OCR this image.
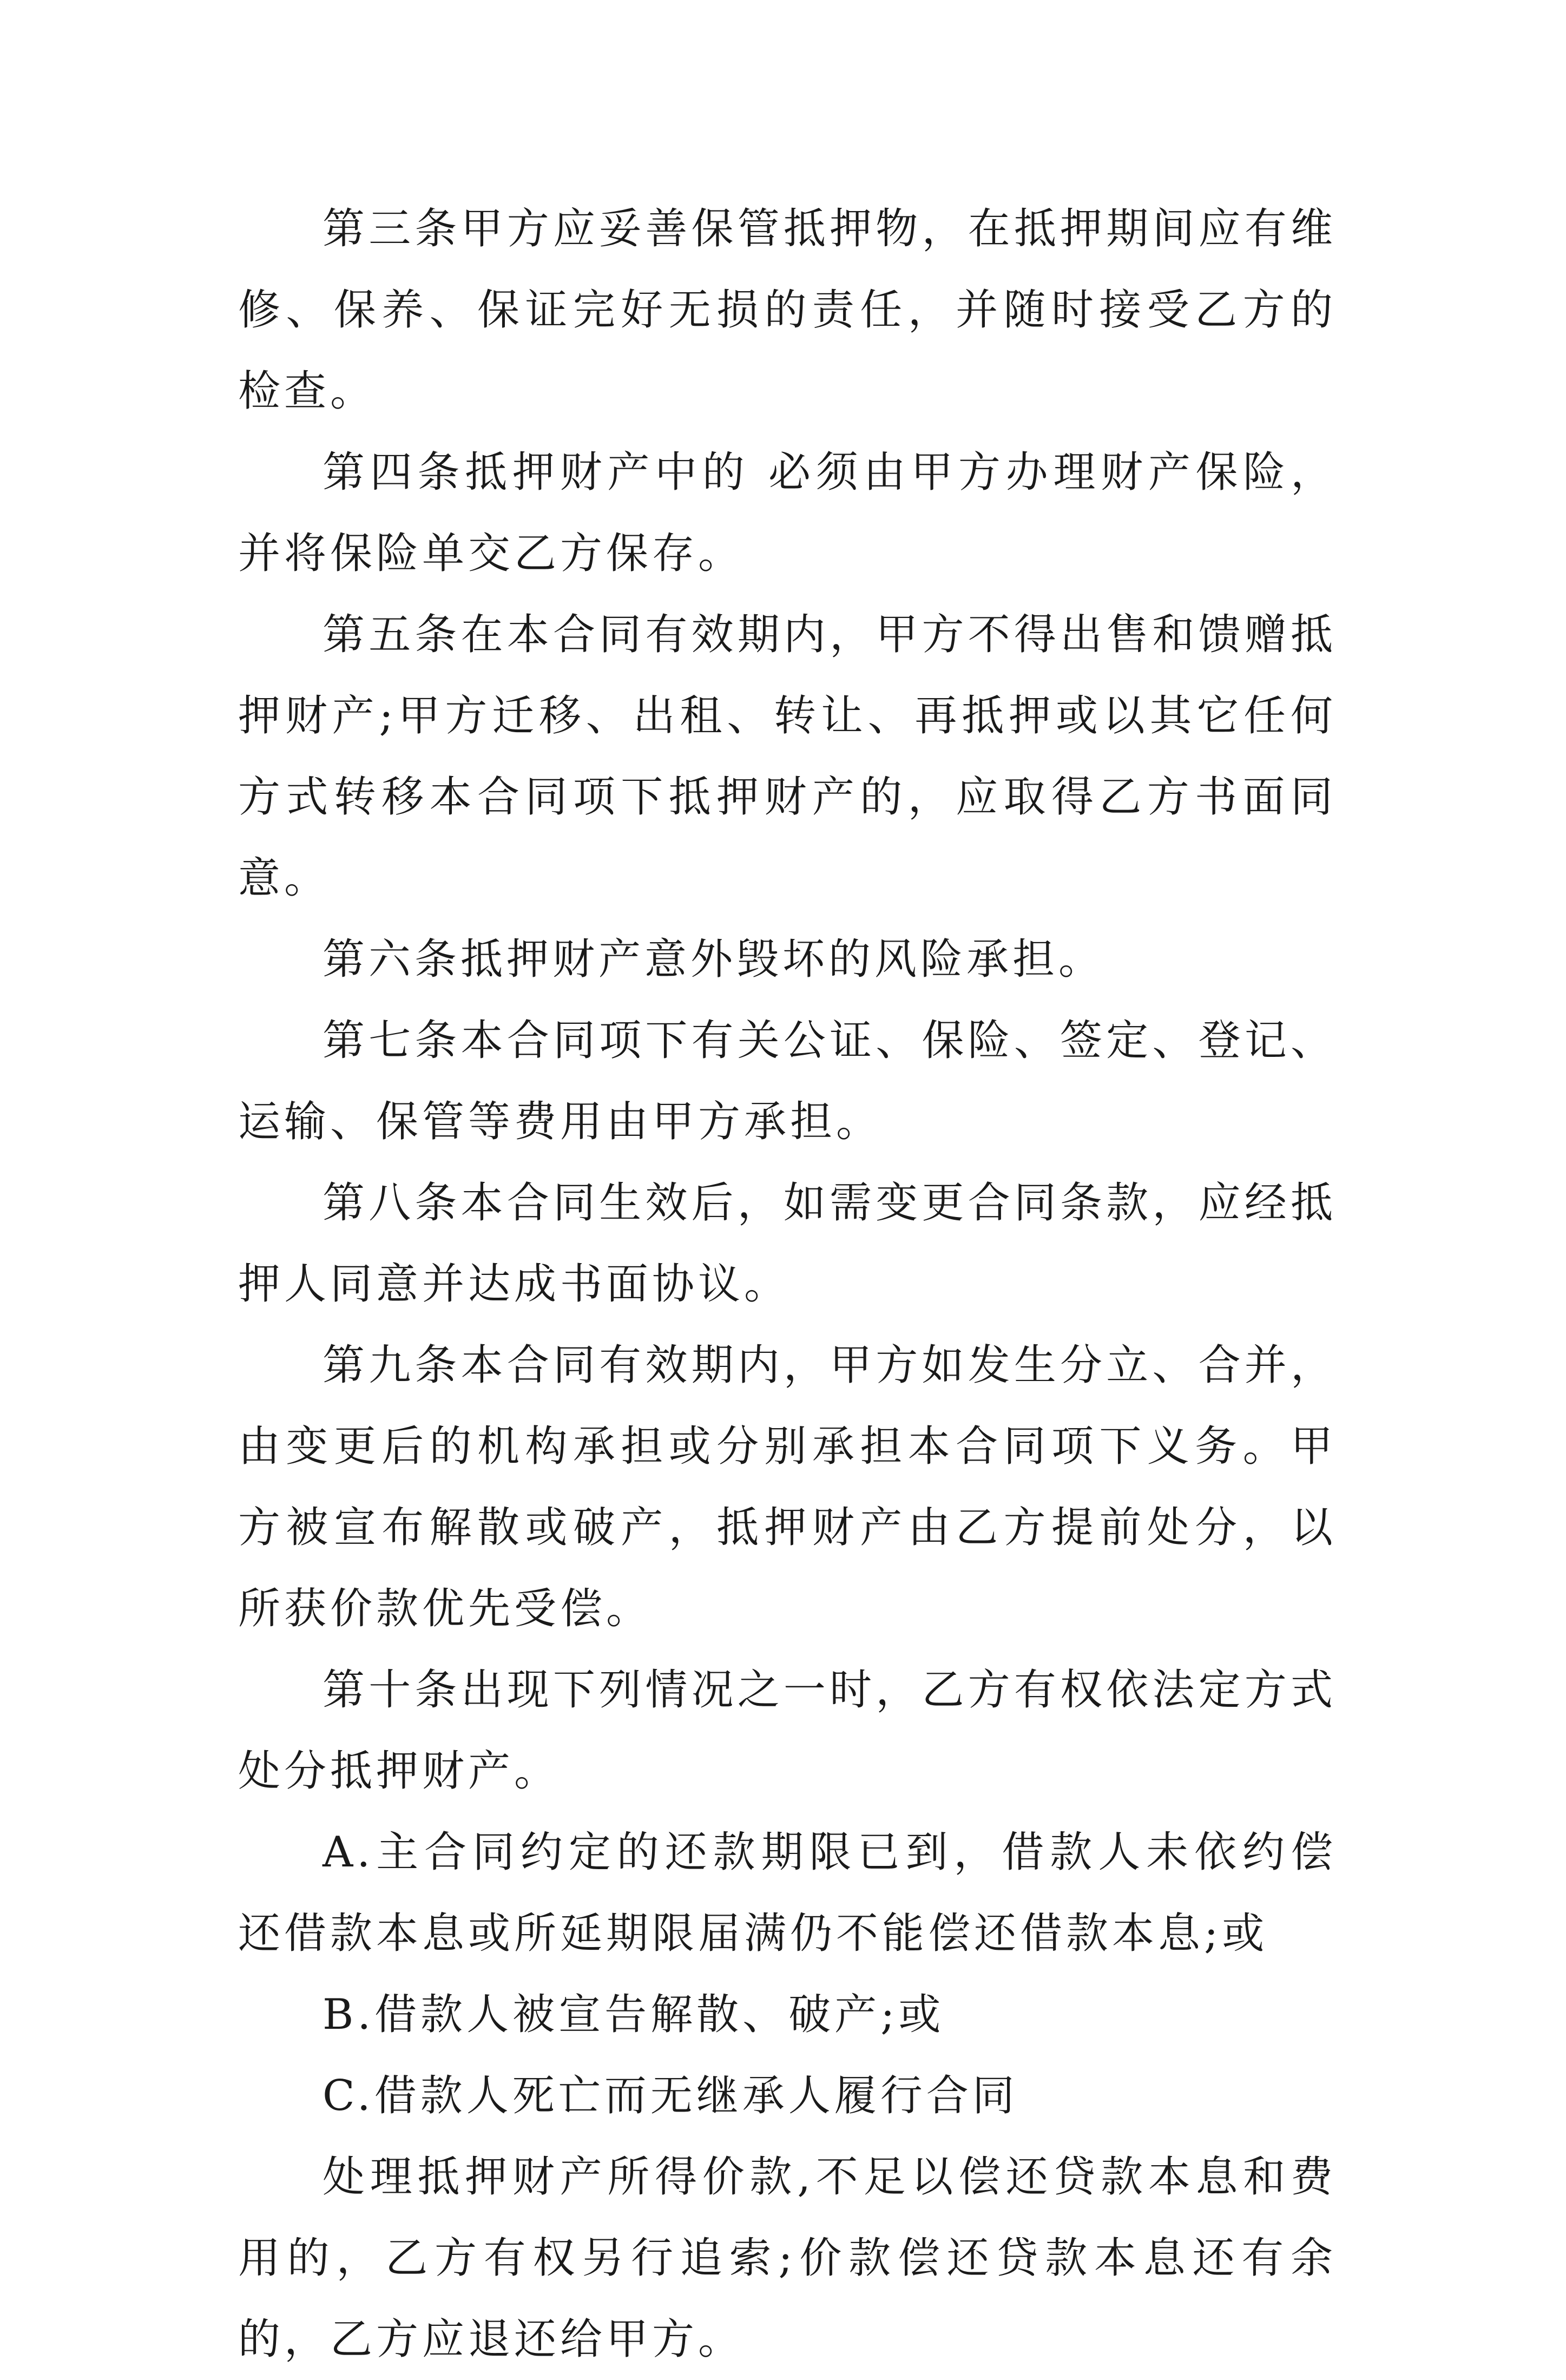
第三条甲方应妥善保管抵押物，在抵押期间应有维修、保养、保证完好无损的责任，并随时接受乙方的检查。

第四条抵押财产中的 必须由甲方办理财产保险，并将保险单交乙方保存。

第五条在本合同有效期内，甲方不得出售和馈赠抵押财产;甲方迁移、出租、转让、再抵押或以其它任何方式转移本合同项下抵押财产的，应取得乙方书面同意。

第六条抵押财产意外毁坏的风险承担。

第七条本合同项下有关公证、保险、签定、登记、运输、保管等费用由甲方承担。

第八条本合同生效后，如需变更合同条款，应经抵押人同意并达成书面协议。

第九条本合同有效期内，甲方如发生分立、合并，由变更后的机构承担或分别承担本合同项下义务。甲方被宣布解散或破产，抵押财产由乙方提前处分，以所获价款优先受偿。

第十条出现下列情况之一时，乙方有权依法定方式处分抵押财产。

A.主合同约定的还款期限已到，借款人未依约偿还借款本息或所延期限届满仍不能偿还借款本息;或

B.借款人被宣告解散、破产;或

C.借款人死亡而无继承人履行合同

处理抵押财产所得价款,不足以偿还贷款本息和费用的，乙方有权另行追索;价款偿还贷款本息还有余的，乙方应退还给甲方。
